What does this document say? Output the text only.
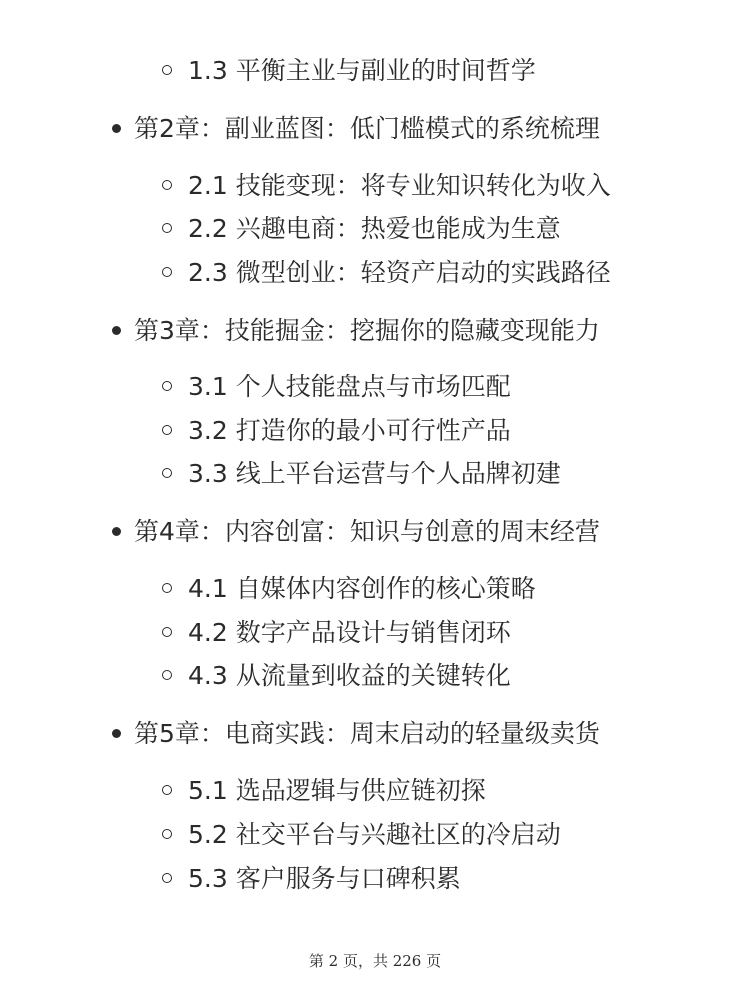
1.3 平衡主业与副业的时间哲学
第2章：副业蓝图：低门槛模式的系统梳理
2.1 技能变现：将专业知识转化为收入
2.2 兴趣电商：热爱也能成为生意
2.3 微型创业：轻资产启动的实践路径
第3章：技能掘金：挖掘你的隐藏变现能力
3.1 个人技能盘点与市场匹配
3.2 打造你的最小可行性产品
3.3 线上平台运营与个人品牌初建
第4章：内容创富：知识与创意的周末经营
4.1 自媒体内容创作的核心策略
4.2 数字产品设计与销售闭环
4.3 从流量到收益的关键转化
第5章：电商实践：周末启动的轻量级卖货
5.1 选品逻辑与供应链初探
5.2 社交平台与兴趣社区的冷启动
5.3 客户服务与口碑积累
第 2 页，共 226 页
